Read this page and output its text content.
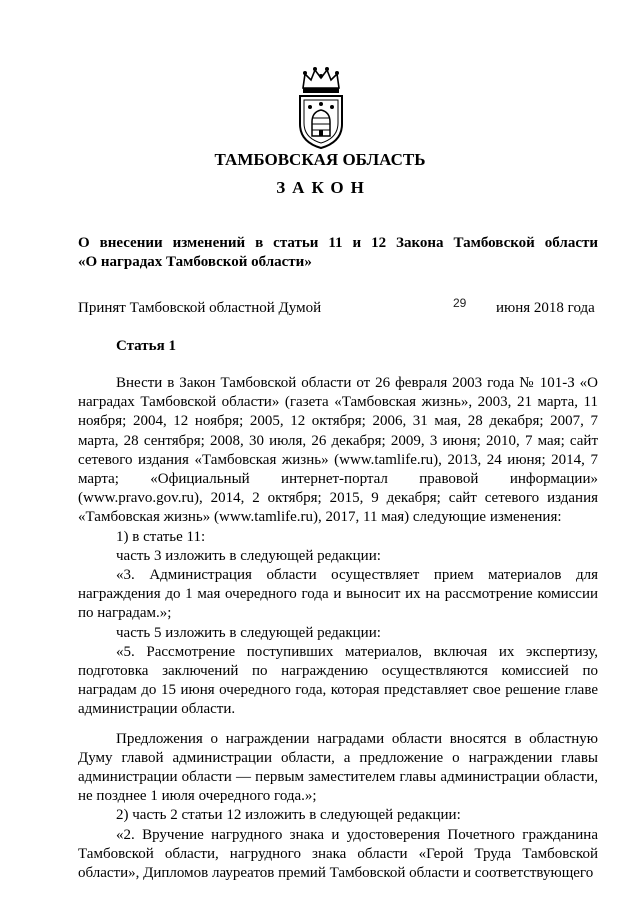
ТАМБОВСКАЯ ОБЛАСТЬ
ЗАКОН
О внесении изменений в статьи 11 и 12 Закона Тамбовской области
«О наградах Тамбовской области»
Принят Тамбовской областной Думой	29 июня 2018 года
Статья 1

Внести в Закон Тамбовской области от 26 февраля 2003 года № 101-З «О наградах Тамбовской области» (газета «Тамбовская жизнь», 2003, 21 марта, 11 ноября; 2004, 12 ноября; 2005, 12 октября; 2006, 31 мая, 28 декабря; 2007, 7 марта, 28 сентября; 2008, 30 июля, 26 декабря; 2009, 3 июня; 2010, 7 мая; сайт сетевого издания «Тамбовская жизнь» (www.tamlife.ru), 2013, 24 июня; 2014, 7 марта; «Официальный интернет-портал правовой информации» (www.pravo.gov.ru), 2014, 2 октября; 2015, 9 декабря; сайт сетевого издания «Тамбовская жизнь» (www.tamlife.ru), 2017, 11 мая) следующие изменения:

1) в статье 11:

часть 3 изложить в следующей редакции:

«3. Администрация области осуществляет прием материалов для награждения до 1 мая очередного года и выносит их на рассмотрение комиссии по наградам.»;

часть 5 изложить в следующей редакции:

«5. Рассмотрение поступивших материалов, включая их экспертизу, подготовка заключений по награждению осуществляются комиссией по наградам до 15 июня очередного года, которая представляет свое решение главе администрации области.

Предложения о награждении наградами области вносятся в областную Думу главой администрации области, а предложение о награждении главы администрации области — первым заместителем главы администрации области, не позднее 1 июля очередного года.»;

2) часть 2 статьи 12 изложить в следующей редакции:

«2. Вручение нагрудного знака и удостоверения Почетного гражданина Тамбовской области, нагрудного знака области «Герой Труда Тамбовской области», Дипломов лауреатов премий Тамбовской области и соответствующего
